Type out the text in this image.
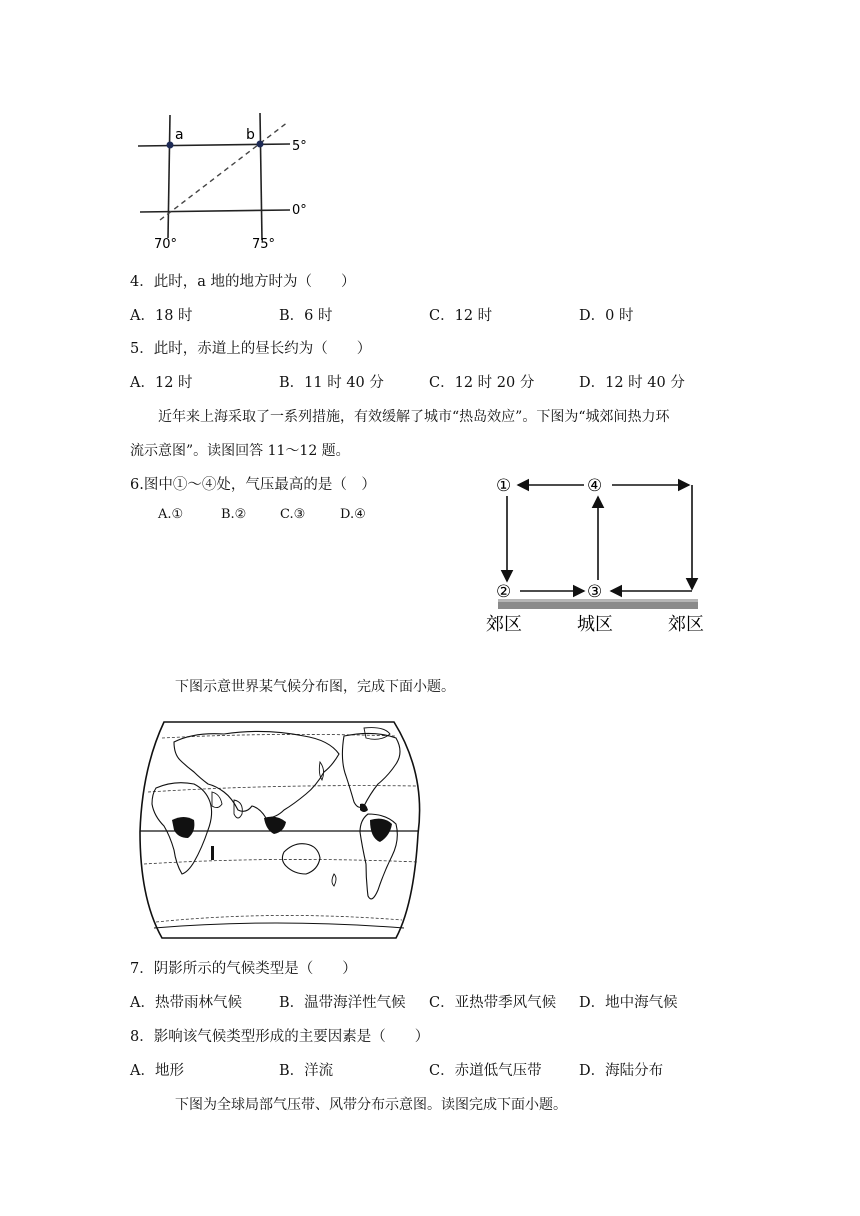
a	b
5°
0°
70°	75°
4．此时，a 地的地方时为（　　）
A．18 时	B．6 时	C．12 时	D．0 时
5．此时，赤道上的昼长约为（　　）
A．12 时	B．11 时 40 分	C．12 时 20 分	D．12 时 40 分
近年来上海采取了一系列措施，有效缓解了城市“热岛效应”。下图为“城郊间热力环
流示意图”。读图回答 11～12 题。
6.图中①～④处，气压最高的是（　）
A.①	B.②	C.③	D.④
①	④
②	③
郊区	城区	郊区
下图示意世界某气候分布图，完成下面小题。
7．阴影所示的气候类型是（　　）
A．热带雨林气候	B．温带海洋性气候 C．亚热带季风气候 D．地中海气候
8．影响该气候类型形成的主要因素是（　　）
A．地形	B．洋流	C．赤道低气压带	D．海陆分布
下图为全球局部气压带、风带分布示意图。读图完成下面小题。
